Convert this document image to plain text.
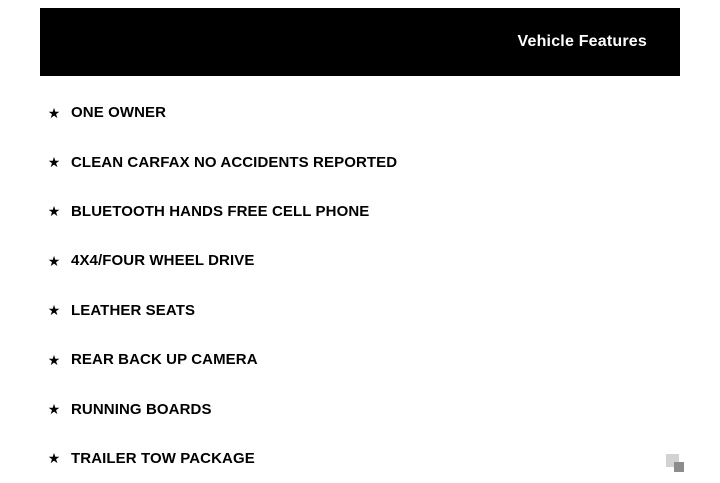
Vehicle Features
★ ONE OWNER
★ CLEAN CARFAX NO ACCIDENTS REPORTED
★ BLUETOOTH HANDS FREE CELL PHONE
★ 4X4/FOUR WHEEL DRIVE
★ LEATHER SEATS
★ REAR BACK UP CAMERA
★ RUNNING BOARDS
★ TRAILER TOW PACKAGE
